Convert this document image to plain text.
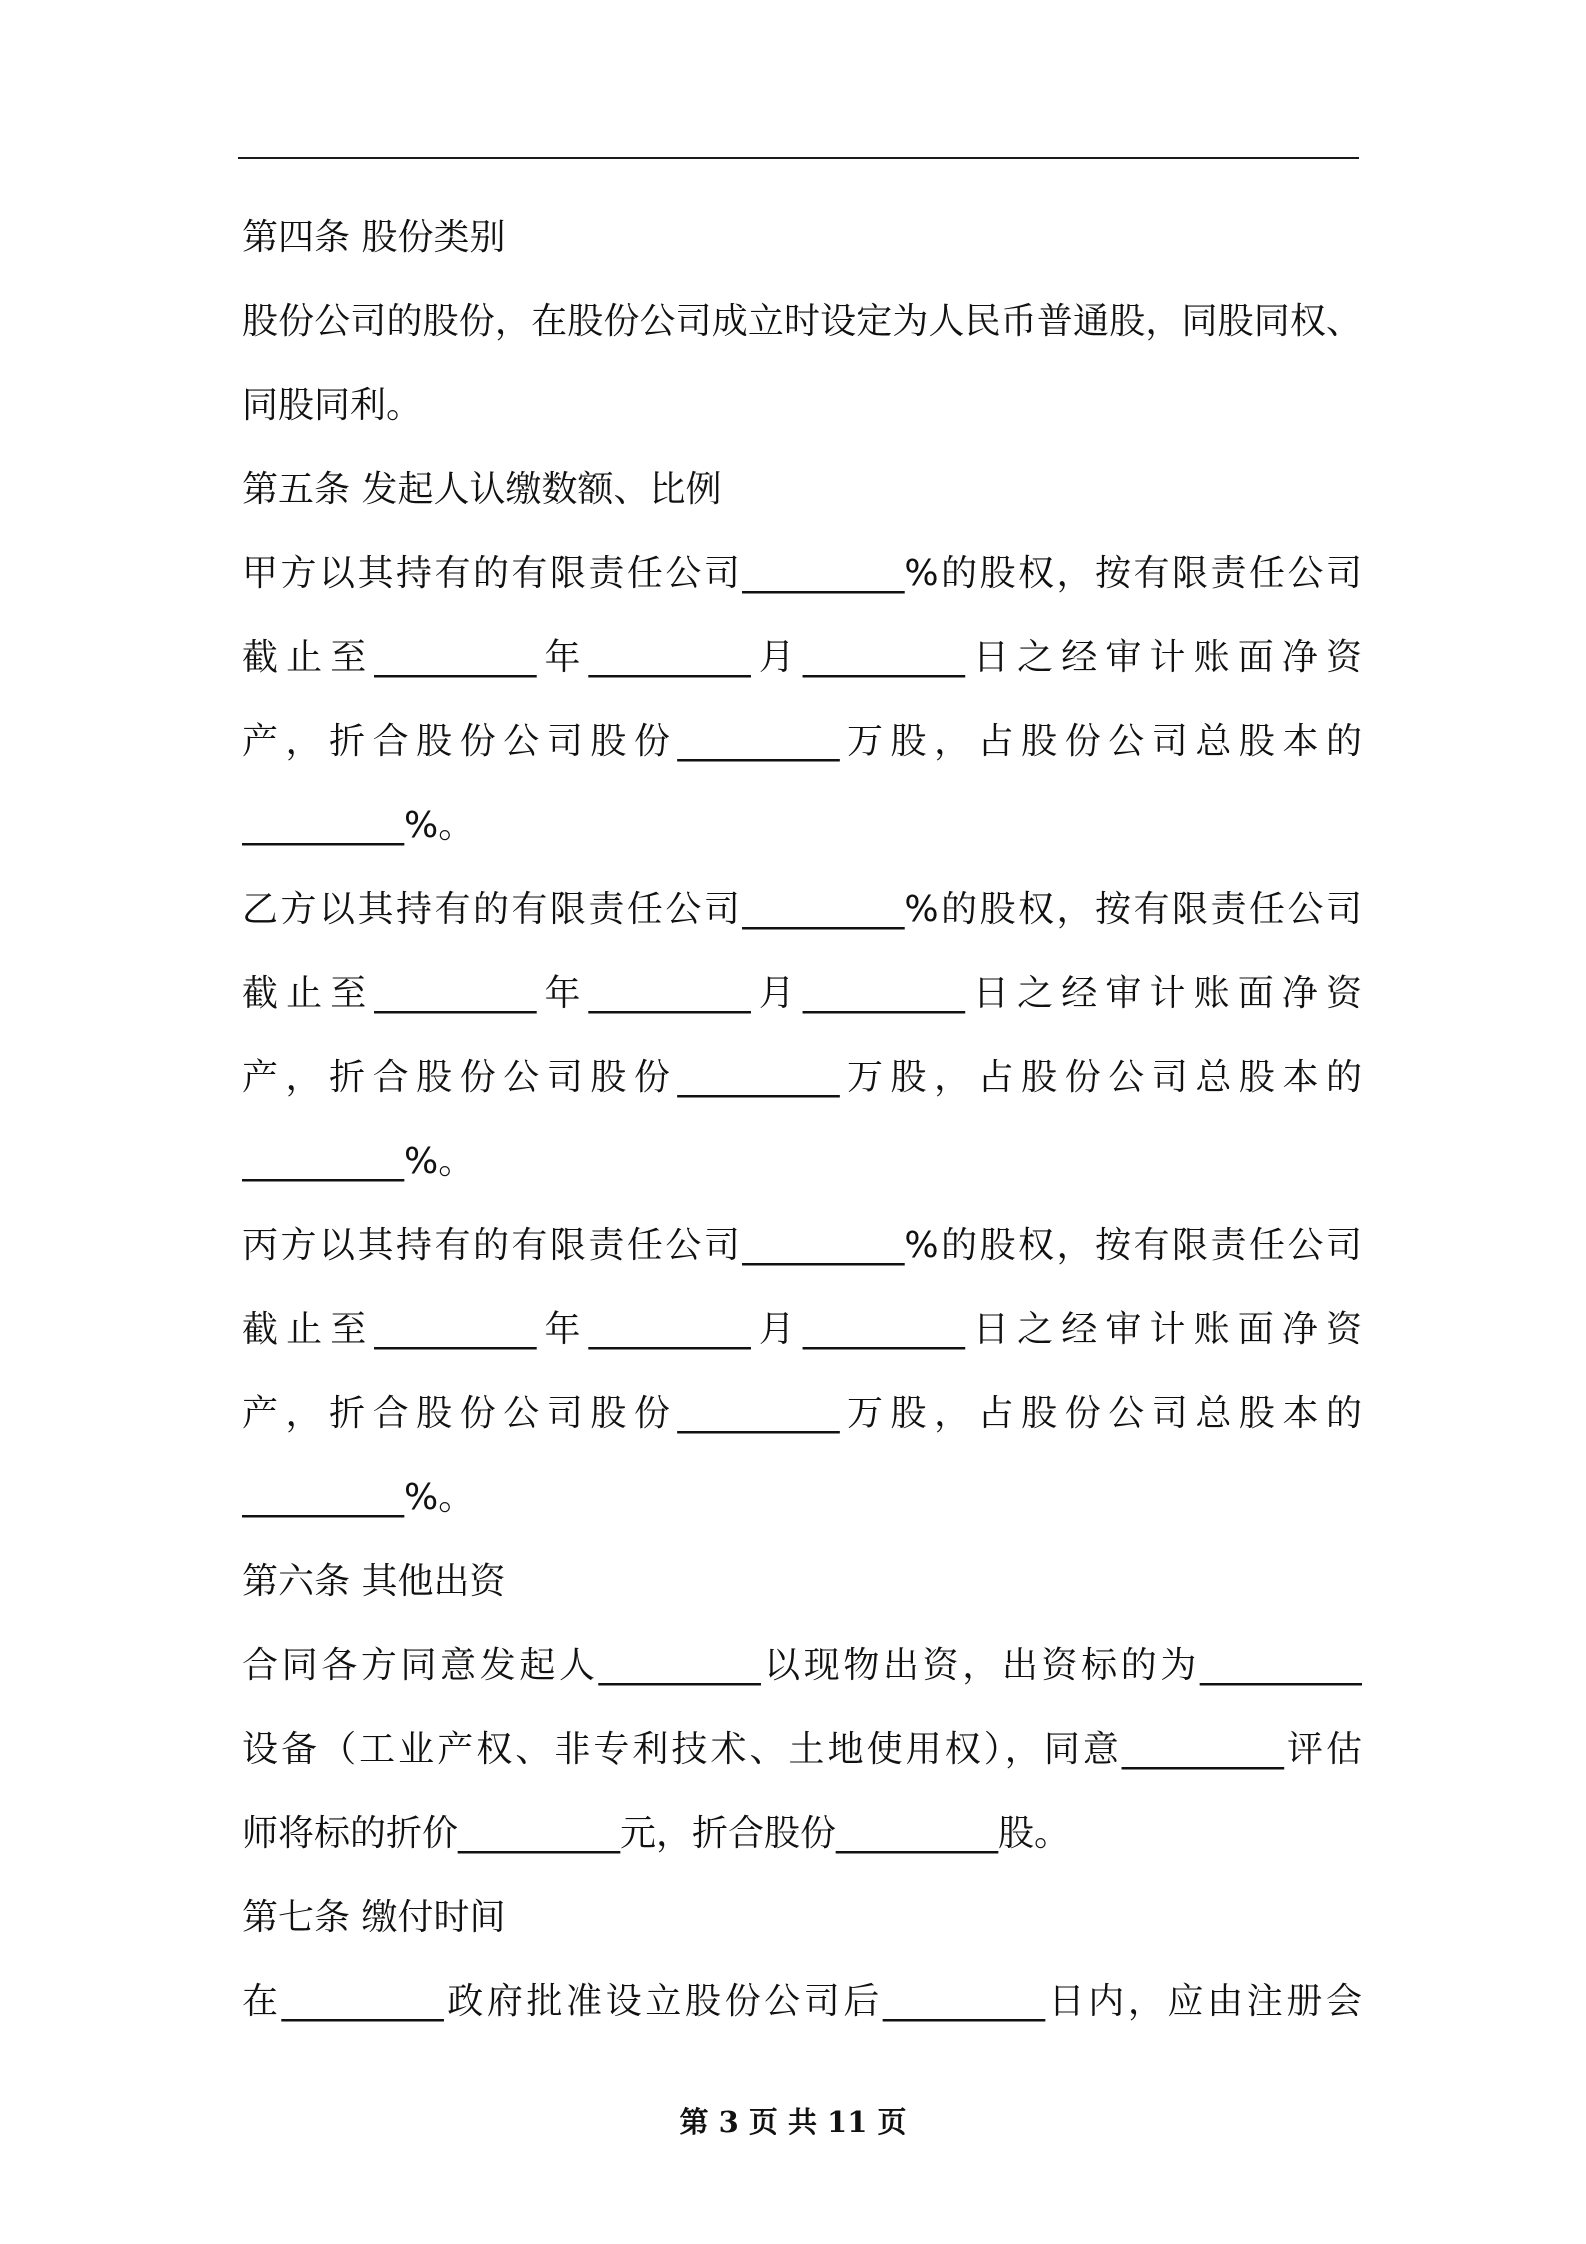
第四条 股份类别
股份公司的股份，在股份公司成立时设定为人民币普通股，同股同权、
同股同利。
第五条 发起人认缴数额、比例
甲方以其持有的有限责任公司_________%的股权，按有限责任公司
截止至_________年_________月_________日之经审计账面净资
产，折合股份公司股份_________万股，占股份公司总股本的
_________%。
乙方以其持有的有限责任公司_________%的股权，按有限责任公司
截止至_________年_________月_________日之经审计账面净资
产，折合股份公司股份_________万股，占股份公司总股本的
_________%。
丙方以其持有的有限责任公司_________%的股权，按有限责任公司
截止至_________年_________月_________日之经审计账面净资
产，折合股份公司股份_________万股，占股份公司总股本的
_________%。
第六条 其他出资
合同各方同意发起人_________以现物出资，出资标的为_________
设备（工业产权、非专利技术、土地使用权），同意_________评估
师将标的折价_________元，折合股份_________股。
第七条 缴付时间
在_________政府批准设立股份公司后_________日内，应由注册会
第 3 页 共 11 页
